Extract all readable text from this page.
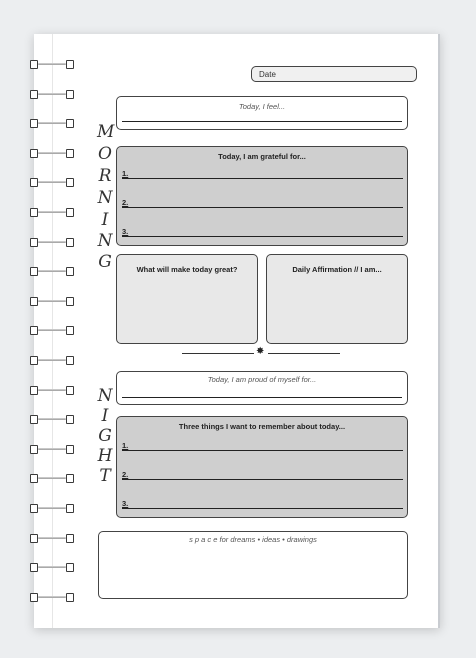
Date
M
O
R
N
I
N
G
Today, I feel...
Today, I am grateful for...
1.
2.
3.
What will make today great?	Daily Affirmation // I am...
✸
N
I
G
H
T
Today, I am proud of myself for...
Three things I want to remember about today...
1.
2.
3.
s p a c e for dreams • ideas • drawings
